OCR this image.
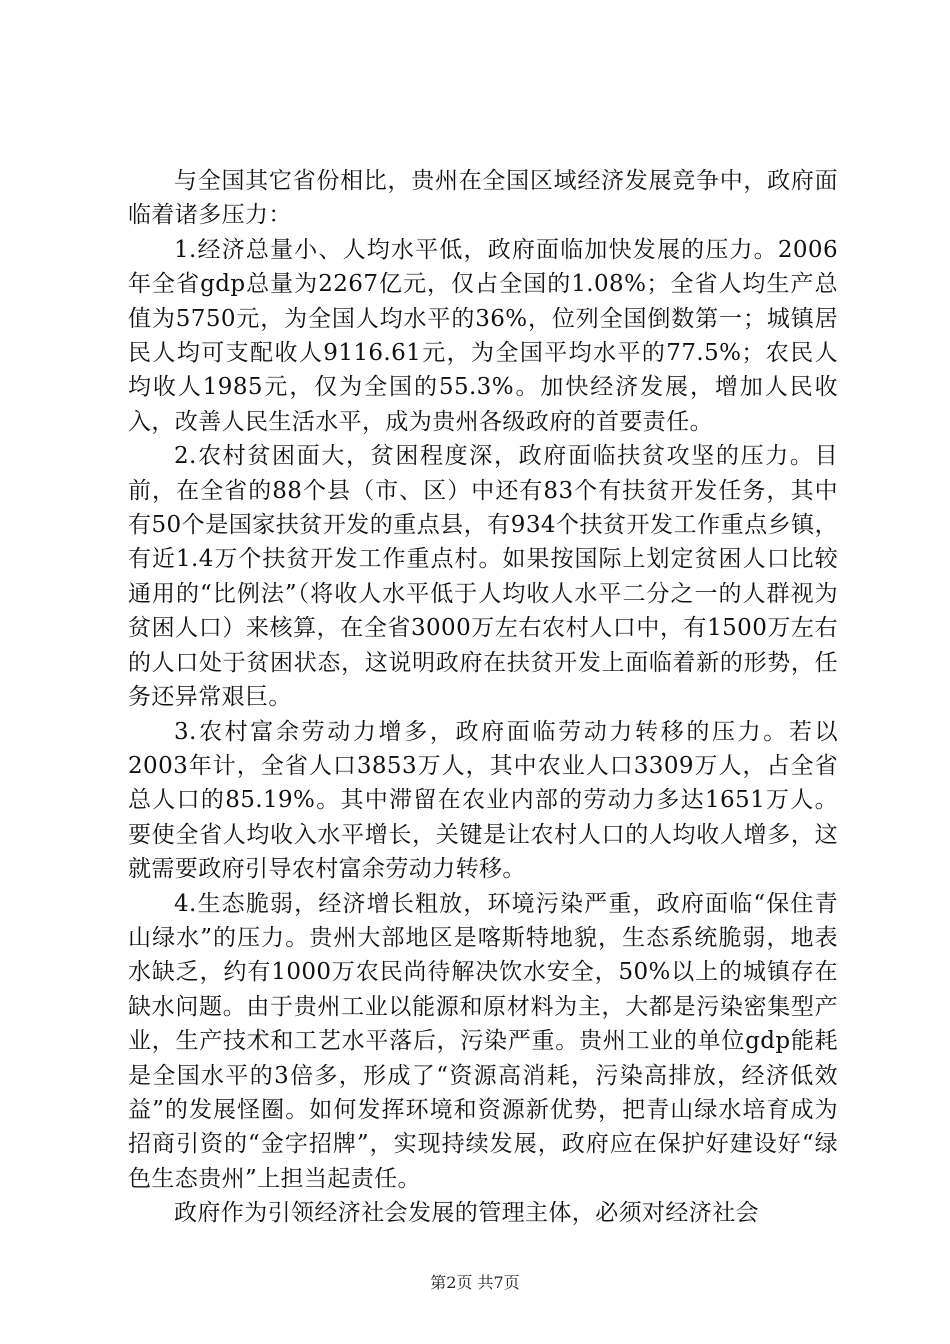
与全国其它省份相比，贵州在全国区域经济发展竞争中，政府面临着诸多压力：

1.经济总量小、人均水平低，政府面临加快发展的压力。2006年全省gdp总量为2267亿元，仅占全国的1.08%；全省人均生产总值为5750元，为全国人均水平的36%，位列全国倒数第一；城镇居民人均可支配收人9116.61元，为全国平均水平的77.5%；农民人均收人1985元，仅为全国的55.3%。加快经济发展，增加人民收入，改善人民生活水平，成为贵州各级政府的首要责任。

2.农村贫困面大，贫困程度深，政府面临扶贫攻坚的压力。目前，在全省的88个县（市、区）中还有83个有扶贫开发任务，其中有50个是国家扶贫开发的重点县，有934个扶贫开发工作重点乡镇，有近1.4万个扶贫开发工作重点村。如果按国际上划定贫困人口比较通用的“比例法”（将收人水平低于人均收人水平二分之一的人群视为贫困人口）来核算，在全省3000万左右农村人口中，有1500万左右的人口处于贫困状态，这说明政府在扶贫开发上面临着新的形势，任务还异常艰巨。

3.农村富余劳动力增多，政府面临劳动力转移的压力。若以2003年计，全省人口3853万人，其中农业人口3309万人，占全省总人口的85.19%。其中滞留在农业内部的劳动力多达1651万人。要使全省人均收入水平增长，关键是让农村人口的人均收人增多，这就需要政府引导农村富余劳动力转移。

4.生态脆弱，经济增长粗放，环境污染严重，政府面临“保住青山绿水”的压力。贵州大部地区是喀斯特地貌，生态系统脆弱，地表水缺乏，约有1000万农民尚待解决饮水安全，50%以上的城镇存在缺水问题。由于贵州工业以能源和原材料为主，大都是污染密集型产业，生产技术和工艺水平落后，污染严重。贵州工业的单位gdp能耗是全国水平的3倍多，形成了“资源高消耗，污染高排放，经济低效益”的发展怪圈。如何发挥环境和资源新优势，把青山绿水培育成为招商引资的“金字招牌”，实现持续发展，政府应在保护好建设好“绿色生态贵州”上担当起责任。

政府作为引领经济社会发展的管理主体，必须对经济社会

第2页 共7页
